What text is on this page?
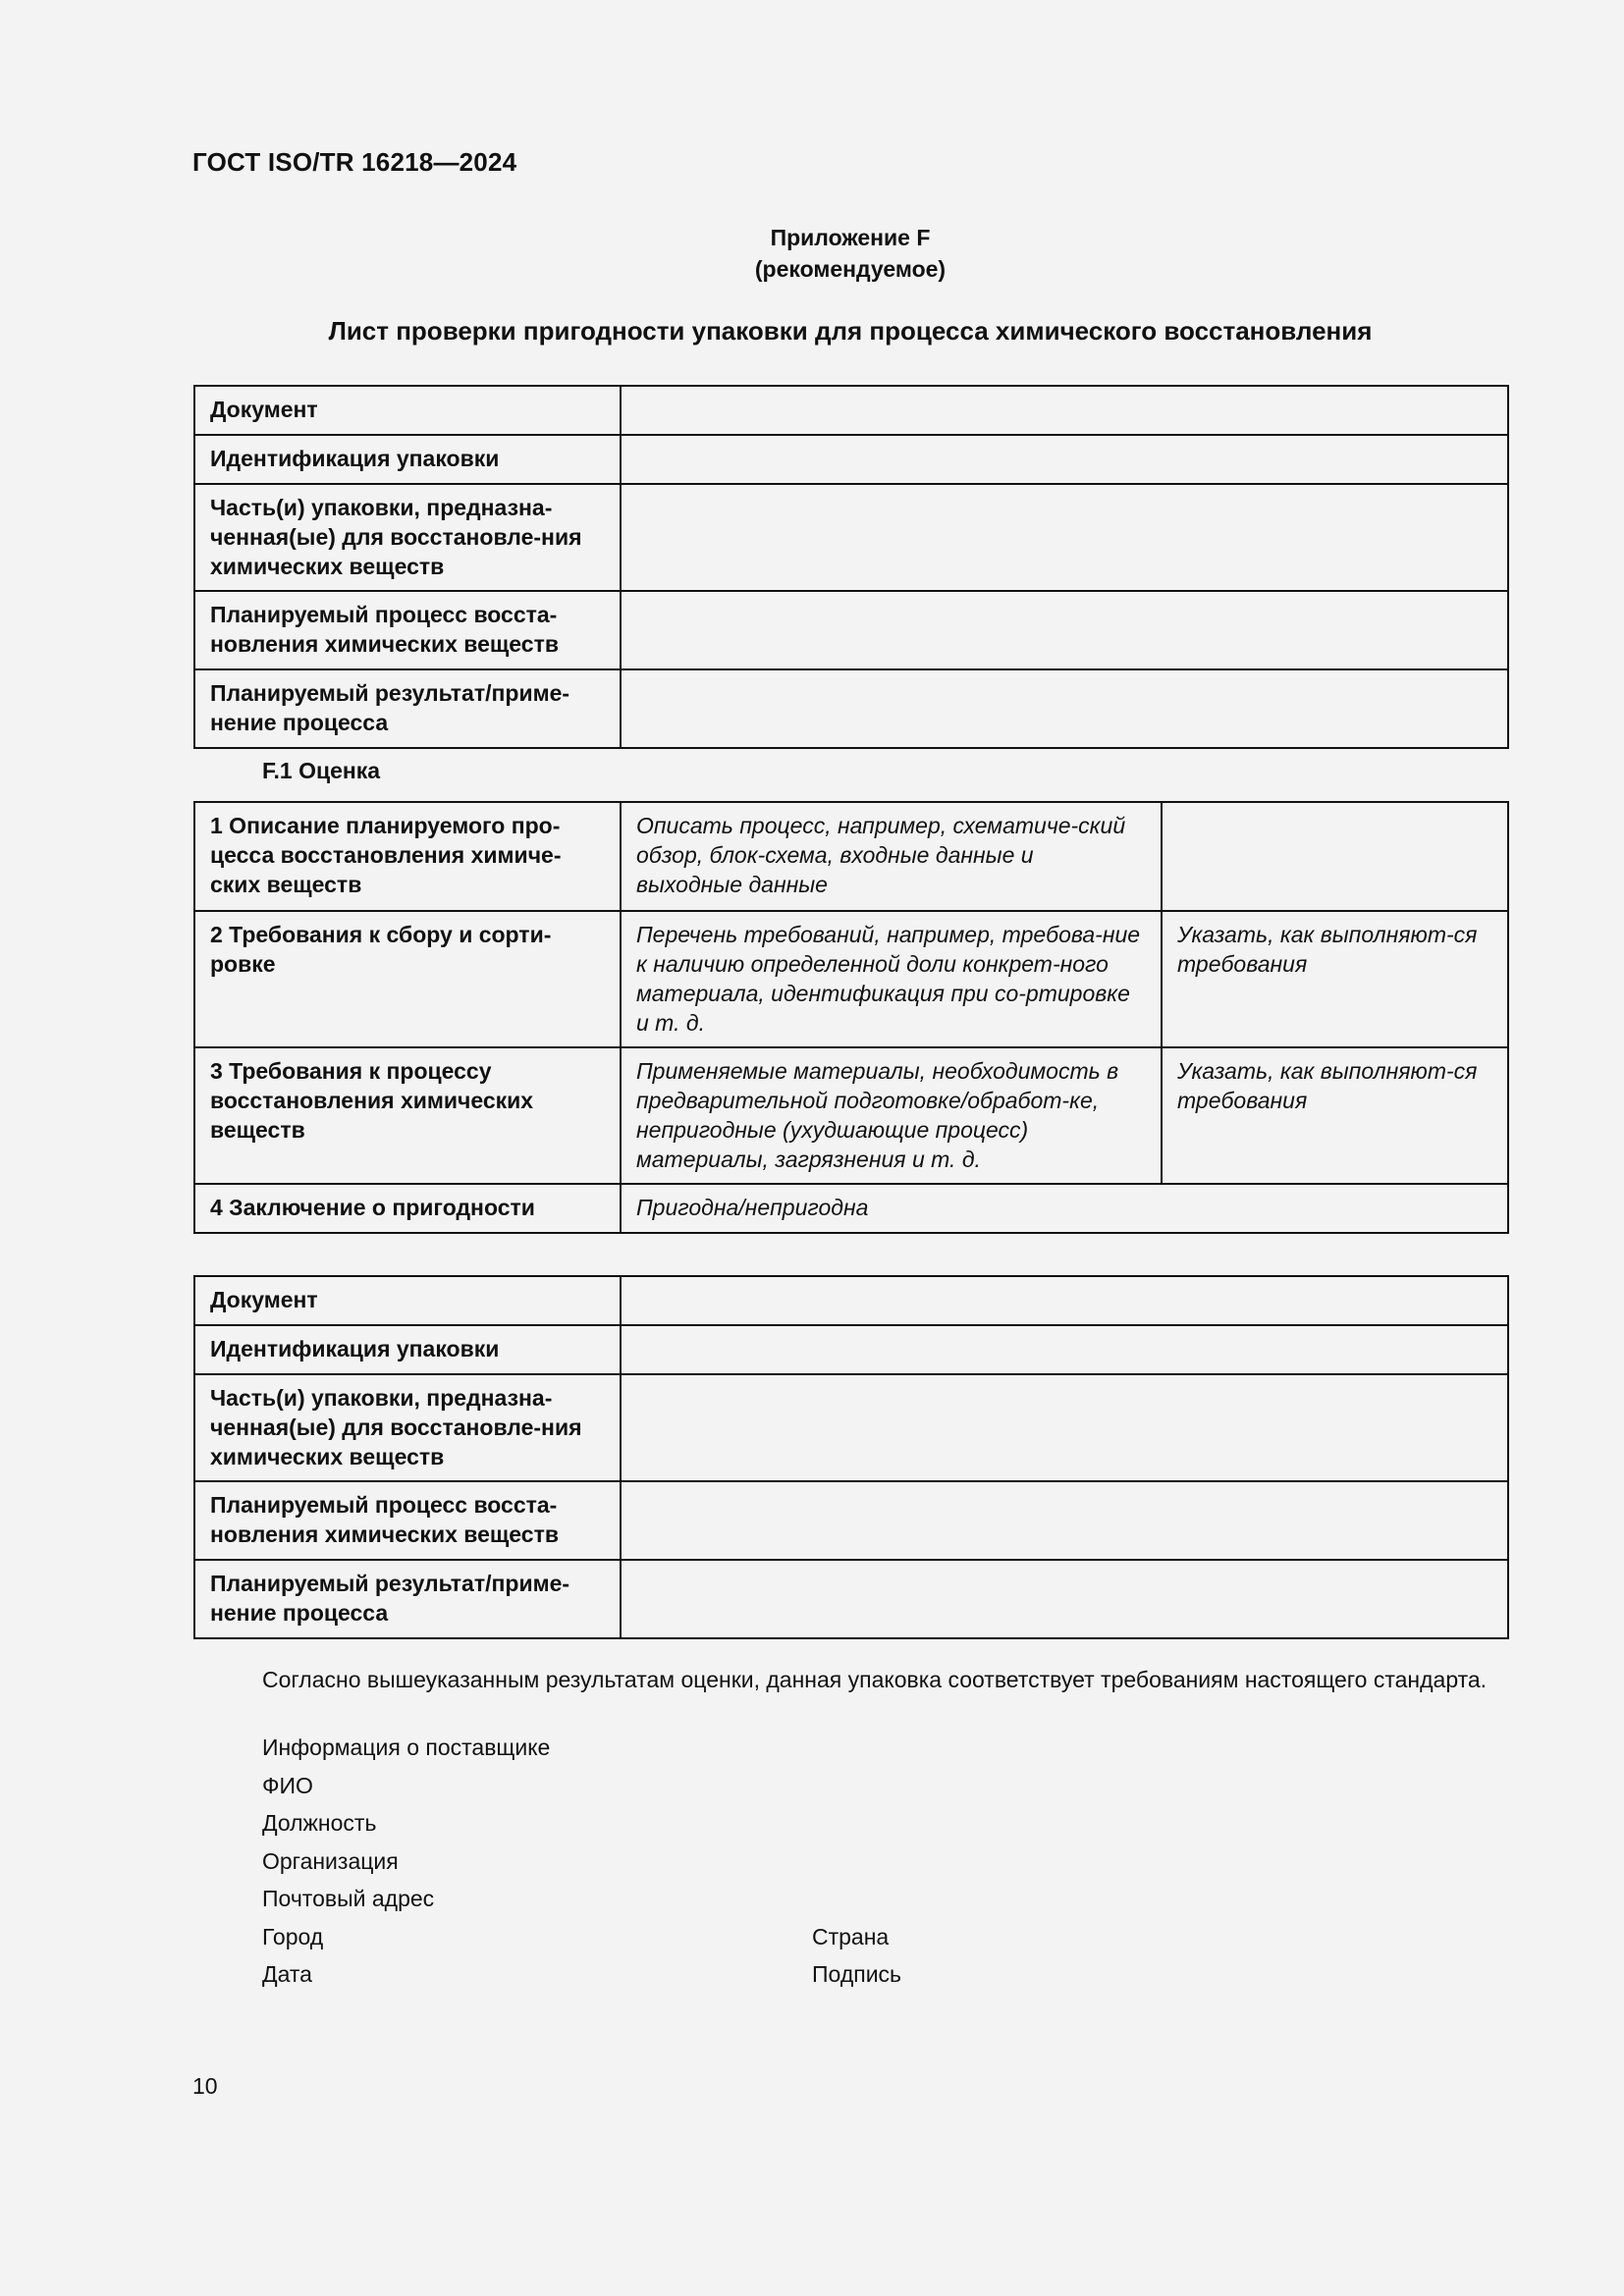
ГОСТ ISO/TR 16218—2024
Приложение F
(рекомендуемое)
Лист проверки пригодности упаковки для процесса химического восстановления
Документ	
Идентификация упаковки	
Часть(и) упаковки, предназна-ченная(ые) для восстановле-ния химических веществ	
Планируемый процесс восста-новления химических веществ	
Планируемый результат/приме-нение процесса	
F.1 Оценка
1 Описание планируемого про-цесса восстановления химиче-ских веществ	Описать процесс, например, схематиче-ский обзор, блок-схема, входные данные и выходные данные	
2 Требования к сбору и сорти-ровке	Перечень требований, например, требова-ние к наличию определенной доли конкрет-ного материала, идентификация при со-ртировке и т. д.	Указать, как выполняют-ся требования
3 Требования к процессу восстановления химических веществ	Применяемые материалы, необходимость в предварительной подготовке/обработ-ке, непригодные (ухудшающие процесс) материалы, загрязнения и т. д.	Указать, как выполняют-ся требования
4 Заключение о пригодности	Пригодна/непригодна	
Документ	
Идентификация упаковки	
Часть(и) упаковки, предназна-ченная(ые) для восстановле-ния химических веществ	
Планируемый процесс восста-новления химических веществ	
Планируемый результат/приме-нение процесса	
Согласно вышеуказанным результатам оценки, данная упаковка соответствует требованиям настоящего стандарта.
Информация о поставщике
ФИО
Должность
Организация
Почтовый адрес
Город	Страна
Дата	Подпись
10
